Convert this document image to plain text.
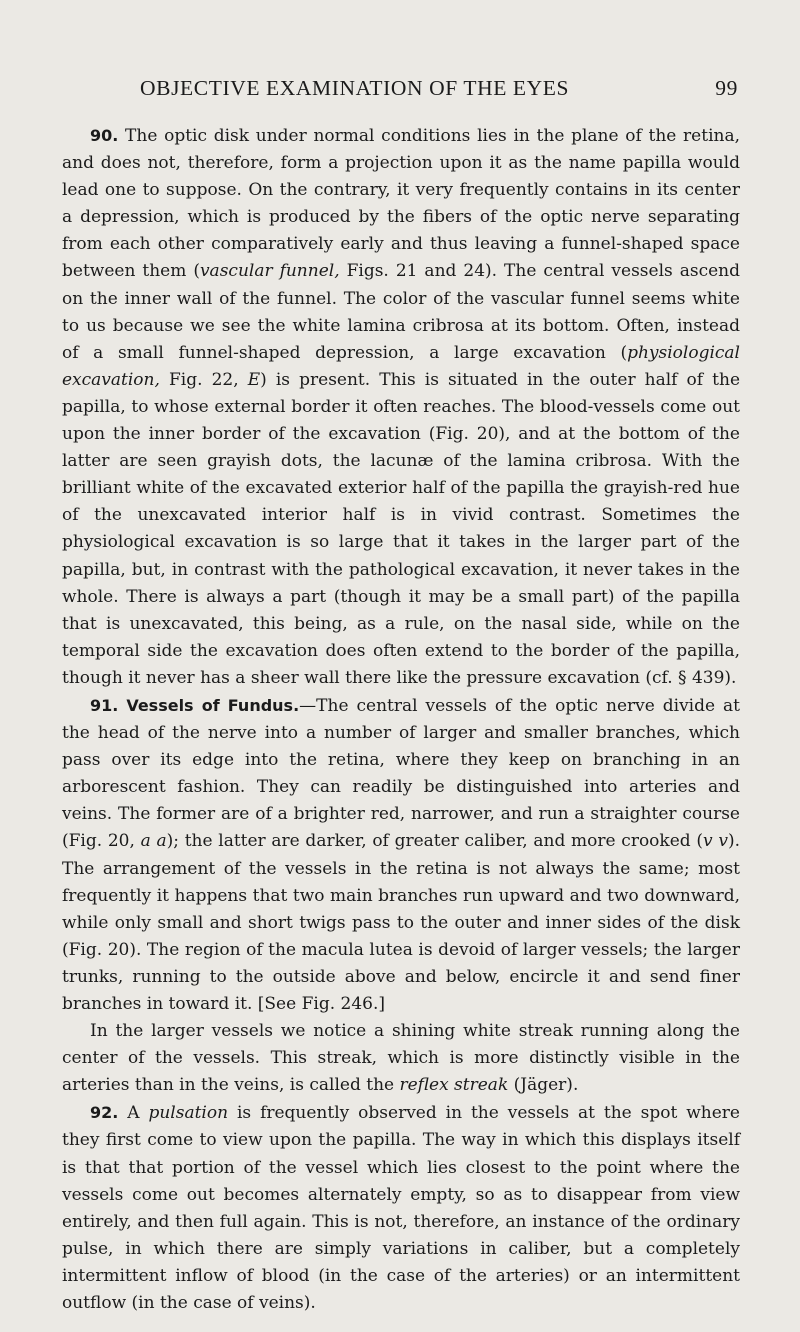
OBJECTIVE EXAMINATION OF THE EYES	99

90. The optic disk under normal conditions lies in the plane of the retina, and does not, therefore, form a projection upon it as the name papilla would lead one to suppose. On the contrary, it very frequently contains in its center a depression, which is produced by the fibers of the optic nerve separating from each other comparatively early and thus leaving a funnel-shaped space between them (vascular funnel, Figs. 21 and 24). The central vessels ascend on the inner wall of the funnel. The color of the vascular funnel seems white to us because we see the white lamina cribrosa at its bottom. Often, instead of a small funnel-shaped depression, a large excavation (physiological excavation, Fig. 22, E) is present. This is situated in the outer half of the papilla, to whose external border it often reaches. The blood-vessels come out upon the inner border of the excavation (Fig. 20), and at the bottom of the latter are seen grayish dots, the lacunæ of the lamina cribrosa. With the brilliant white of the excavated exterior half of the papilla the grayish-red hue of the unexcavated interior half is in vivid contrast. Sometimes the physiological excavation is so large that it takes in the larger part of the papilla, but, in contrast with the pathological excavation, it never takes in the whole. There is always a part (though it may be a small part) of the papilla that is unexcavated, this being, as a rule, on the nasal side, while on the temporal side the excavation does often extend to the border of the papilla, though it never has a sheer wall there like the pressure excavation (cf. § 439).

91. Vessels of Fundus.—The central vessels of the optic nerve divide at the head of the nerve into a number of larger and smaller branches, which pass over its edge into the retina, where they keep on branching in an arborescent fashion. They can readily be distinguished into arteries and veins. The former are of a brighter red, narrower, and run a straighter course (Fig. 20, a a); the latter are darker, of greater caliber, and more crooked (v v). The arrangement of the vessels in the retina is not always the same; most frequently it happens that two main branches run upward and two downward, while only small and short twigs pass to the outer and inner sides of the disk (Fig. 20). The region of the macula lutea is devoid of larger vessels; the larger trunks, running to the outside above and below, encircle it and send finer branches in toward it. [See Fig. 246.]

In the larger vessels we notice a shining white streak running along the center of the vessels. This streak, which is more distinctly visible in the arteries than in the veins, is called the reflex streak (Jäger).

92. A pulsation is frequently observed in the vessels at the spot where they first come to view upon the papilla. The way in which this displays itself is that that portion of the vessel which lies closest to the point where the vessels come out becomes alternately empty, so as to disappear from view entirely, and then full again. This is not, therefore, an instance of the ordinary pulse, in which there are simply variations in caliber, but a completely intermittent inflow of blood (in the case of the arteries) or an intermittent outflow (in the case of veins).
